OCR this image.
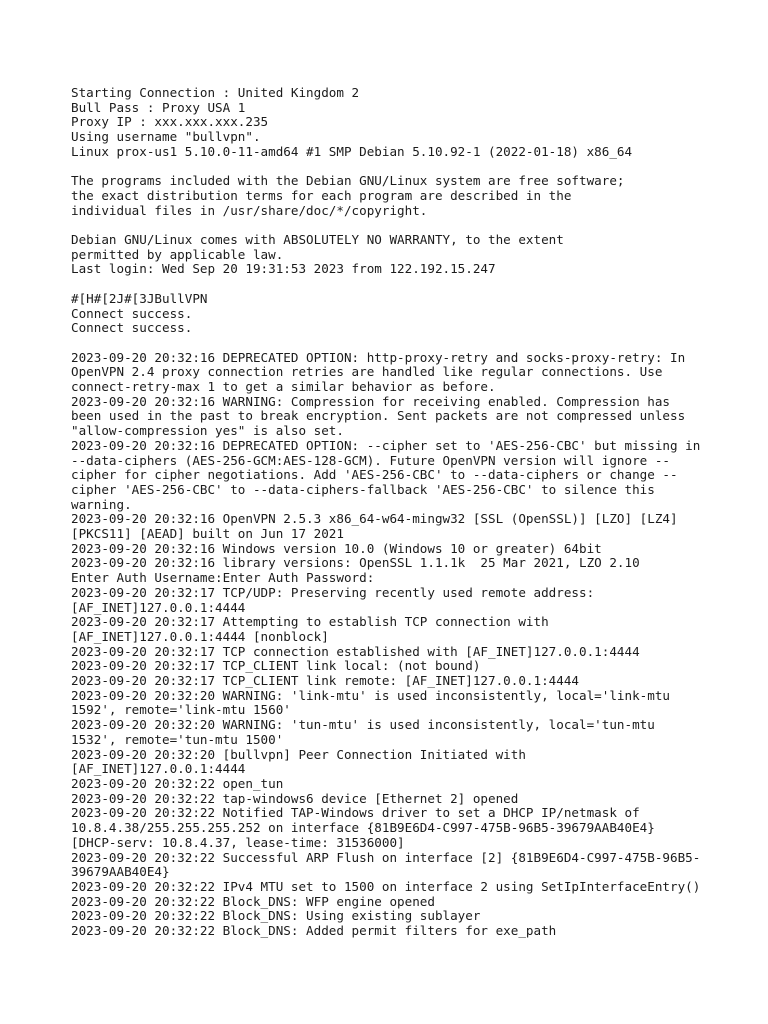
Starting Connection : United Kingdom 2
Bull Pass : Proxy USA 1
Proxy IP : xxx.xxx.xxx.235
Using username "bullvpn".
Linux prox-us1 5.10.0-11-amd64 #1 SMP Debian 5.10.92-1 (2022-01-18) x86_64
The programs included with the Debian GNU/Linux system are free software;
the exact distribution terms for each program are described in the
individual files in /usr/share/doc/*/copyright.
Debian GNU/Linux comes with ABSOLUTELY NO WARRANTY, to the extent
permitted by applicable law.
Last login: Wed Sep 20 19:31:53 2023 from 122.192.15.247
#[H#[2J#[3JBullVPN
Connect success.
Connect success.
2023-09-20 20:32:16 DEPRECATED OPTION: http-proxy-retry and socks-proxy-retry: In
OpenVPN 2.4 proxy connection retries are handled like regular connections. Use
connect-retry-max 1 to get a similar behavior as before.
2023-09-20 20:32:16 WARNING: Compression for receiving enabled. Compression has
been used in the past to break encryption. Sent packets are not compressed unless
"allow-compression yes" is also set.
2023-09-20 20:32:16 DEPRECATED OPTION: --cipher set to 'AES-256-CBC' but missing in
--data-ciphers (AES-256-GCM:AES-128-GCM). Future OpenVPN version will ignore --
cipher for cipher negotiations. Add 'AES-256-CBC' to --data-ciphers or change --
cipher 'AES-256-CBC' to --data-ciphers-fallback 'AES-256-CBC' to silence this
warning.
2023-09-20 20:32:16 OpenVPN 2.5.3 x86_64-w64-mingw32 [SSL (OpenSSL)] [LZO] [LZ4]
[PKCS11] [AEAD] built on Jun 17 2021
2023-09-20 20:32:16 Windows version 10.0 (Windows 10 or greater) 64bit
2023-09-20 20:32:16 library versions: OpenSSL 1.1.1k  25 Mar 2021, LZO 2.10
Enter Auth Username:Enter Auth Password:
2023-09-20 20:32:17 TCP/UDP: Preserving recently used remote address:
[AF_INET]127.0.0.1:4444
2023-09-20 20:32:17 Attempting to establish TCP connection with
[AF_INET]127.0.0.1:4444 [nonblock]
2023-09-20 20:32:17 TCP connection established with [AF_INET]127.0.0.1:4444
2023-09-20 20:32:17 TCP_CLIENT link local: (not bound)
2023-09-20 20:32:17 TCP_CLIENT link remote: [AF_INET]127.0.0.1:4444
2023-09-20 20:32:20 WARNING: 'link-mtu' is used inconsistently, local='link-mtu
1592', remote='link-mtu 1560'
2023-09-20 20:32:20 WARNING: 'tun-mtu' is used inconsistently, local='tun-mtu
1532', remote='tun-mtu 1500'
2023-09-20 20:32:20 [bullvpn] Peer Connection Initiated with
[AF_INET]127.0.0.1:4444
2023-09-20 20:32:22 open_tun
2023-09-20 20:32:22 tap-windows6 device [Ethernet 2] opened
2023-09-20 20:32:22 Notified TAP-Windows driver to set a DHCP IP/netmask of
10.8.4.38/255.255.255.252 on interface {81B9E6D4-C997-475B-96B5-39679AAB40E4}
[DHCP-serv: 10.8.4.37, lease-time: 31536000]
2023-09-20 20:32:22 Successful ARP Flush on interface [2] {81B9E6D4-C997-475B-96B5-
39679AAB40E4}
2023-09-20 20:32:22 IPv4 MTU set to 1500 on interface 2 using SetIpInterfaceEntry()
2023-09-20 20:32:22 Block_DNS: WFP engine opened
2023-09-20 20:32:22 Block_DNS: Using existing sublayer
2023-09-20 20:32:22 Block_DNS: Added permit filters for exe_path
